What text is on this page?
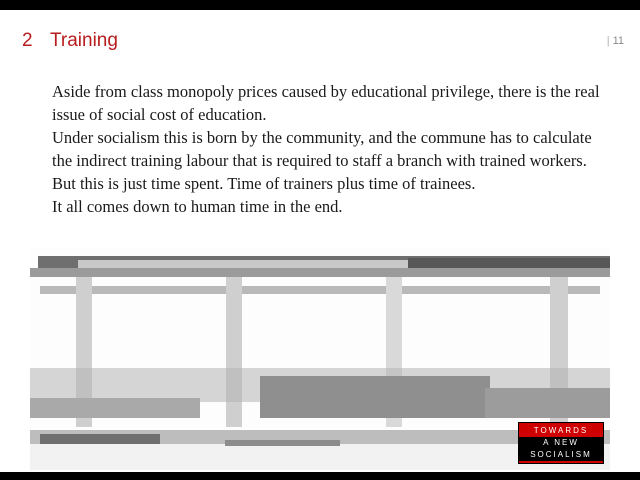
2 Training	| 11

Aside from class monopoly prices caused by educational privilege, there is the real issue of social cost of education.

Under socialism this is born by the community, and the commune has to calculate the indirect training labour that is required to staff a branch with trained workers.

But this is just time spent. Time of trainers plus time of trainees.

It all comes down to human time in the end.

TOWARDS
A NEW
SOCIALISM
